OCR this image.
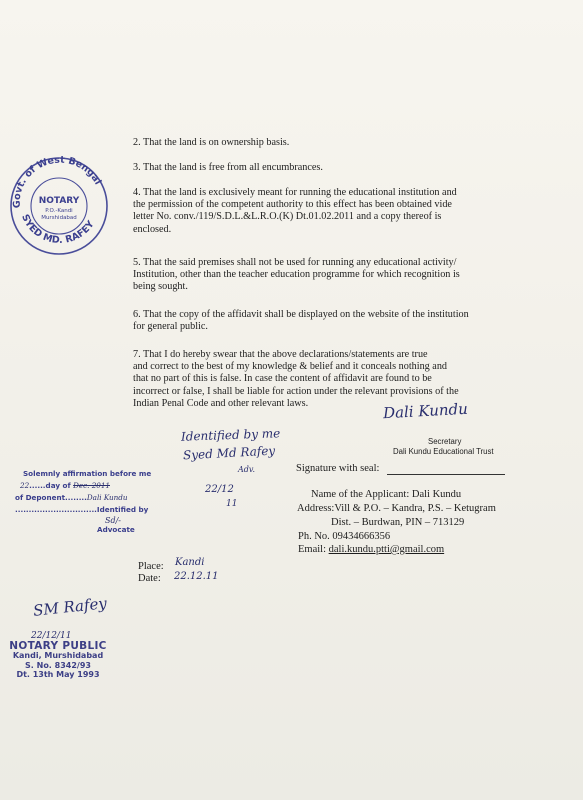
2. That the land is on ownership basis.
3. That the land is free from all encumbrances.
4. That the land is exclusively meant for running the educational institution and
the permission of the competent authority to this effect has been obtained vide
letter No. conv./119/S.D.L.&L.R.O.(K) Dt.01.02.2011 and a copy thereof is
enclosed.
5. That the said premises shall not be used for running any educational activity/
Institution, other than the teacher education programme for which recognition is
being sought.
6. That the copy of the affidavit shall be displayed on the website of the institution
for general public.
7. That I do hereby swear that the above declarations/statements are true
and correct to the best of my knowledge & belief and it conceals nothing and
that no part of this is false. In case the content of affidavit are found to be
incorrect or false, I shall be liable for action under the relevant provisions of the
Indian Penal Code and other relevant laws.
Govt. of West Bengal
SYED MD. RAFEY
NOTARY
P.O.-Kandi
Murshidabad
Dali Kundu
Secretary
Dali Kundu Educational Trust
Identified by me
Syed Md Rafey
Adv.
22/12
11
Signature with seal:
Name of the Applicant: Dali Kundu
Address:Vill & P.O. – Kandra, P.S. – Ketugram
Dist. – Burdwan, PIN – 713129
Ph. No. 09434666356
Email: dali.kundu.ptti@gmail.com
Solemnly affirmation before me
22......day of Dec. 2011
of Deponent........Dali Kundu
..............................Identified by
Sd/-
Advocate
Place: Kandi
Date: 22.12.11
SM Rafey
22/12/11
NOTARY PUBLIC
Kandi, Murshidabad
S. No. 8342/93
Dt. 13th May 1993
